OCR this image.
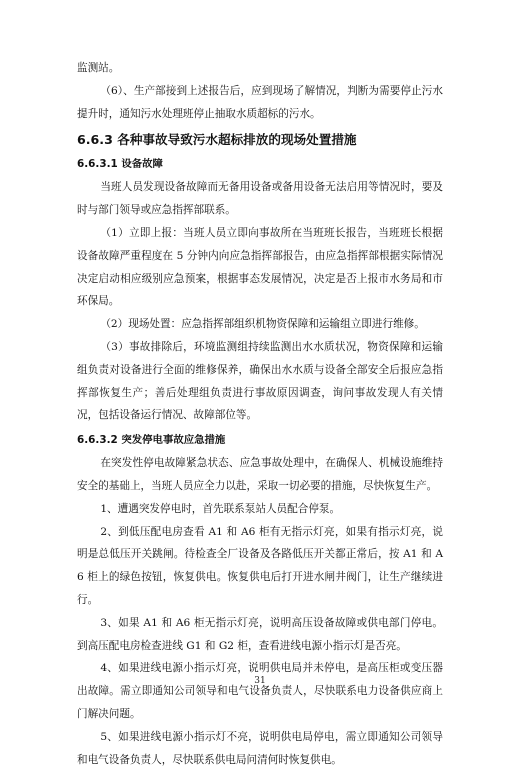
监测站。

（6）、生产部接到上述报告后，应到现场了解情况，判断为需要停止污水提升时，通知污水处理班停止抽取水质超标的污水。

6.6.3 各种事故导致污水超标排放的现场处置措施
6.6.3.1 设备故障

当班人员发现设备故障而无备用设备或备用设备无法启用等情况时，要及时与部门领导或应急指挥部联系。

（1）立即上报：当班人员立即向事故所在当班班长报告，当班班长根据设备故障严重程度在 5 分钟内向应急指挥部报告，由应急指挥部根据实际情况决定启动相应级别应急预案，根据事态发展情况，决定是否上报市水务局和市环保局。

（2）现场处置：应急指挥部组织机物资保障和运输组立即进行维修。

（3）事故排除后，环境监测组持续监测出水水质状况，物资保障和运输组负责对设备进行全面的维修保养，确保出水水质与设备全部安全后报应急指挥部恢复生产；善后处理组负责进行事故原因调查，询问事故发现人有关情况，包括设备运行情况、故障部位等。

6.6.3.2 突发停电事故应急措施

在突发性停电故障紧急状态、应急事故处理中，在确保人、机械设施维持安全的基础上，当班人员应全力以赴，采取一切必要的措施，尽快恢复生产。

1、遭遇突发停电时，首先联系泵站人员配合停泵。

2、到低压配电房查看 A1 和 A6 柜有无指示灯亮，如果有指示灯亮，说明是总低压开关跳闸。待检查全厂设备及各路低压开关都正常后，按 A1 和 A6 柜上的绿色按钮，恢复供电。恢复供电后打开进水闸井阀门，让生产继续进行。

3、如果 A1 和 A6 柜无指示灯亮，说明高压设备故障或供电部门停电。到高压配电房检查进线 G1 和 G2 柜，查看进线电源小指示灯是否亮。

4、如果进线电源小指示灯亮，说明供电局并未停电，是高压柜或变压器出故障。需立即通知公司领导和电气设备负责人，尽快联系电力设备供应商上门解决问题。

5、如果进线电源小指示灯不亮，说明供电局停电，需立即通知公司领导和电气设备负责人，尽快联系供电局问清何时恢复供电。

31
